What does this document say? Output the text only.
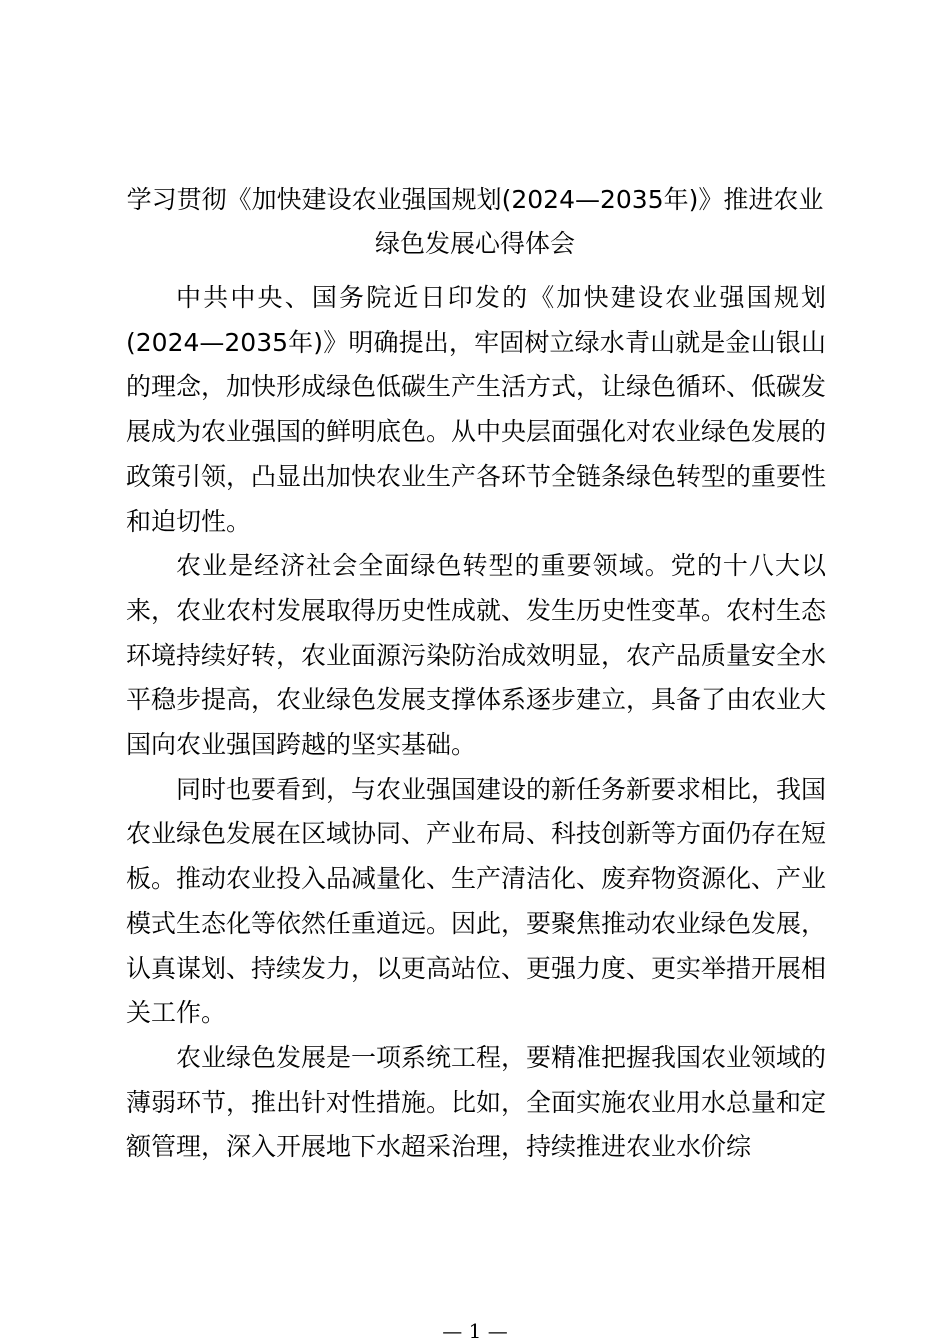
学习贯彻《加快建设农业强国规划(2024—2035年)》推进农业绿色发展心得体会

中共中央、国务院近日印发的《加快建设农业强国规划(2024—2035年)》明确提出，牢固树立绿水青山就是金山银山的理念，加快形成绿色低碳生产生活方式，让绿色循环、低碳发展成为农业强国的鲜明底色。从中央层面强化对农业绿色发展的政策引领，凸显出加快农业生产各环节全链条绿色转型的重要性和迫切性。

农业是经济社会全面绿色转型的重要领域。党的十八大以来，农业农村发展取得历史性成就、发生历史性变革。农村生态环境持续好转，农业面源污染防治成效明显，农产品质量安全水平稳步提高，农业绿色发展支撑体系逐步建立，具备了由农业大国向农业强国跨越的坚实基础。

同时也要看到，与农业强国建设的新任务新要求相比，我国农业绿色发展在区域协同、产业布局、科技创新等方面仍存在短板。推动农业投入品减量化、生产清洁化、废弃物资源化、产业模式生态化等依然任重道远。因此，要聚焦推动农业绿色发展，认真谋划、持续发力，以更高站位、更强力度、更实举措开展相关工作。

农业绿色发展是一项系统工程，要精准把握我国农业领域的薄弱环节，推出针对性措施。比如，全面实施农业用水总量和定额管理，深入开展地下水超采治理，持续推进农业水价综

— 1 —
